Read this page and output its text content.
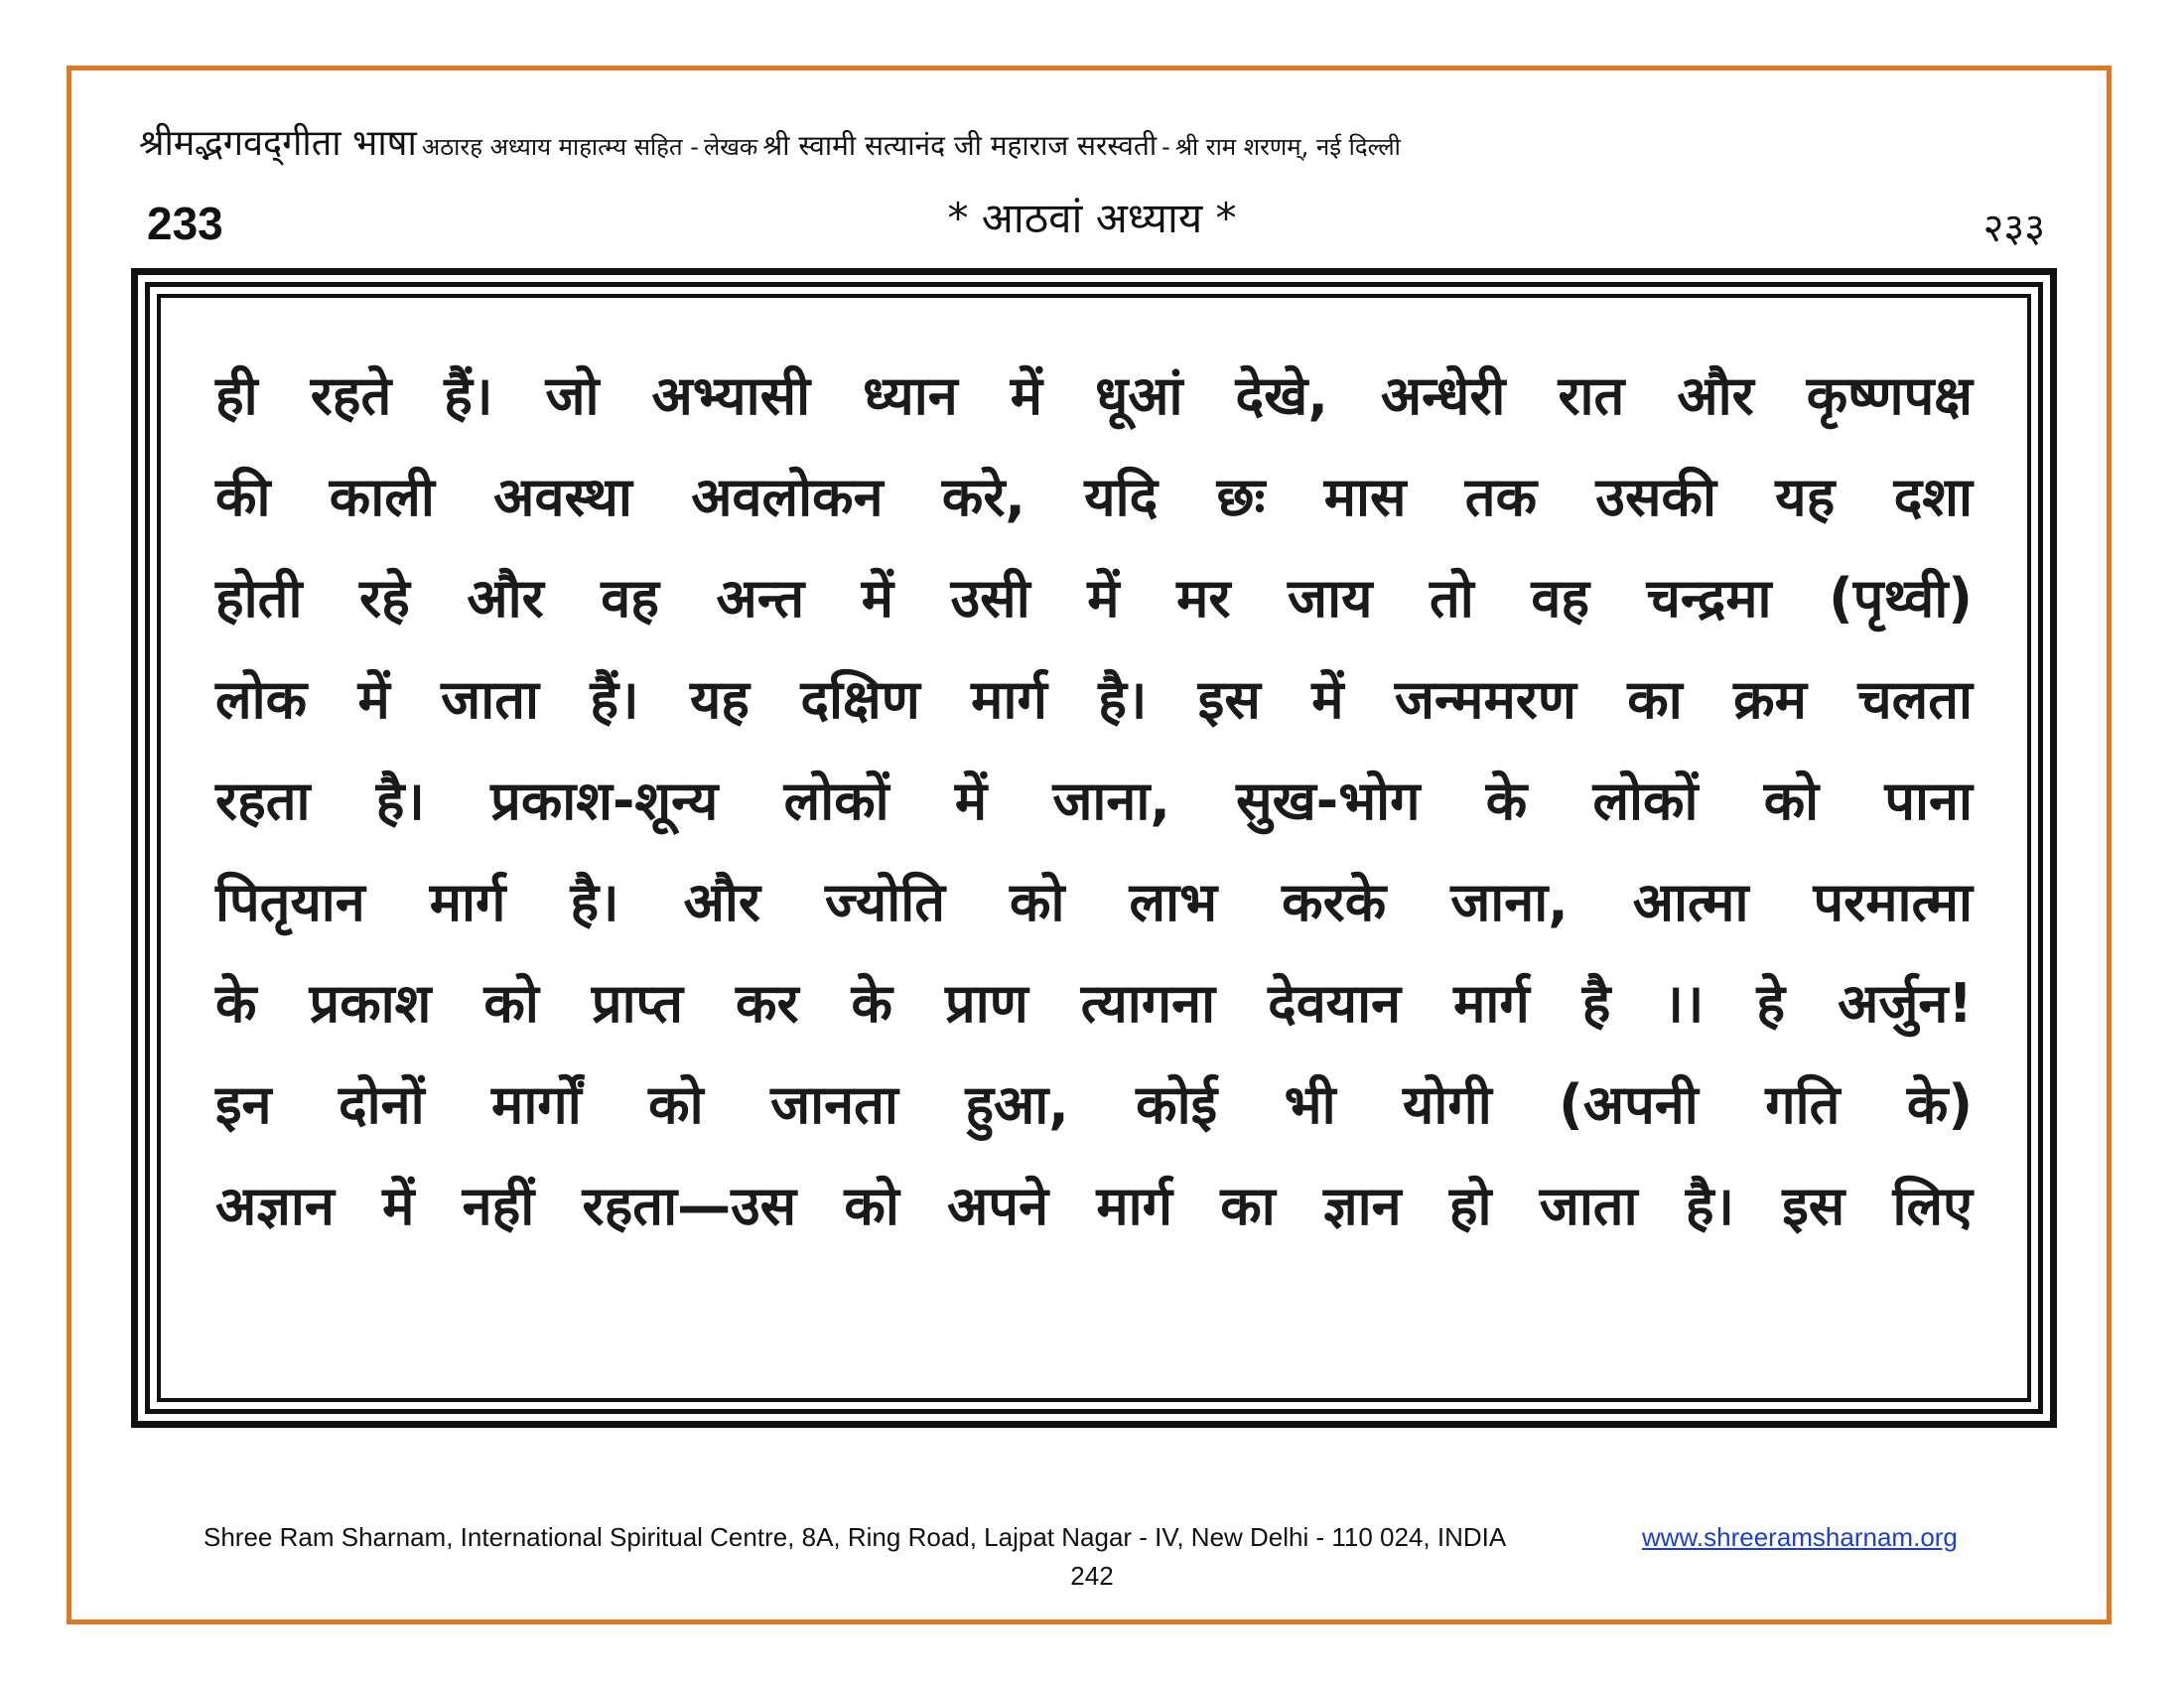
श्रीमद्भगवद्‌गीता भाषा अठारह अध्याय माहात्म्य सहित - लेखक श्री स्वामी सत्यानंद जी महाराज सरस्वती - श्री राम शरणम्‌, नई दिल्ली
233	* आठवां अध्याय *	२३३
ही रहते हैं। जो अभ्यासी ध्यान में धूआं देखे, अन्धेरी रात और कृष्णपक्ष
की काली अवस्था अवलोकन करे, यदि छः मास तक उसकी यह दशा
होती रहे और वह अन्त में उसी में मर जाय तो वह चन्द्रमा (पृथ्वी)
लोक में जाता हैं। यह दक्षिण मार्ग है। इस में जन्ममरण का क्रम चलता
रहता है। प्रकाश-शून्य लोकों में जाना, सुख-भोग के लोकों को पाना
पितृयान मार्ग है। और ज्योति को लाभ करके जाना, आत्मा परमात्मा
के प्रकाश को प्राप्त कर के प्राण त्यागना देवयान मार्ग है ।। हे अर्जुन!
इन दोनों मार्गों को जानता हुआ, कोई भी योगी (अपनी गति के)
अज्ञान में नहीं रहता—उस को अपने मार्ग का ज्ञान हो जाता है। इस लिए
Shree Ram Sharnam, International Spiritual Centre, 8A, Ring Road, Lajpat Nagar - IV, New Delhi - 110 024, INDIA	www.shreeramsharnam.org
242
